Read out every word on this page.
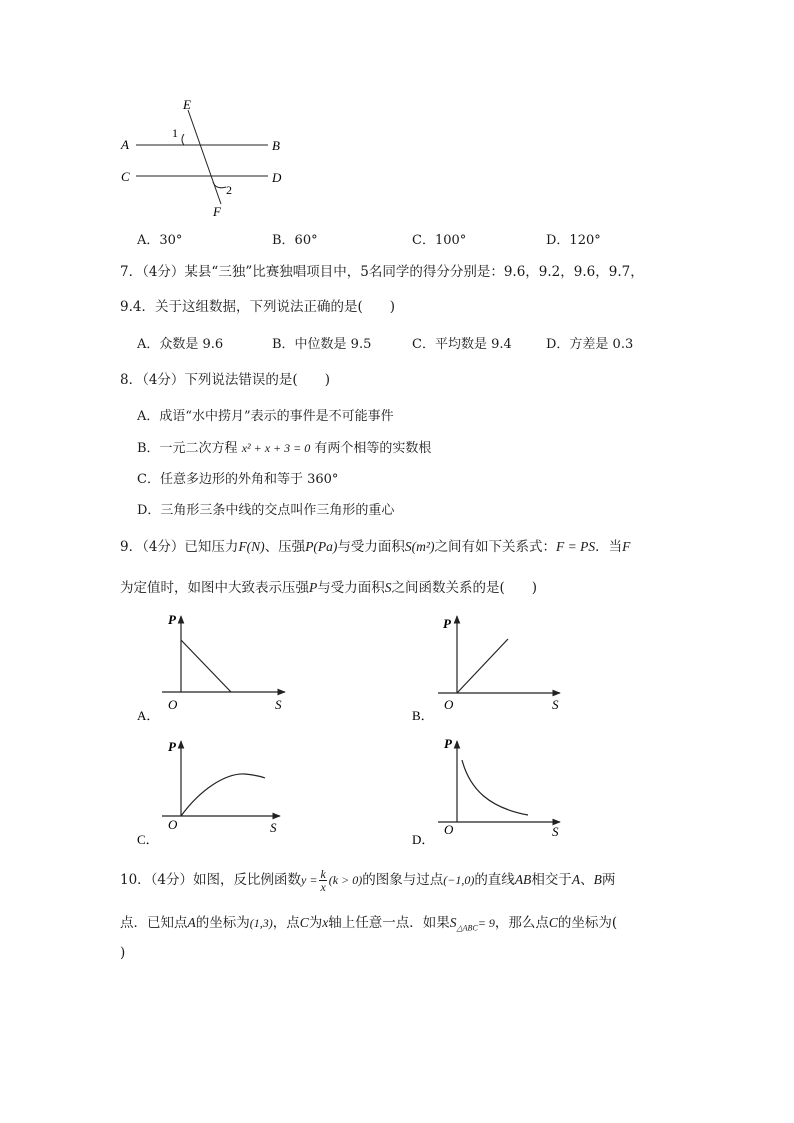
E
A	B
C	D
F
1
2
A．30°	B．60°	C．100°	D．120°
7．（4分）某县“三独”比赛独唱项目中，5名同学的得分分别是：9.6，9.2，9.6，9.7，
9.4．关于这组数据，下列说法正确的是(　　)
A．众数是 9.6	B．中位数是 9.5	C．平均数是 9.4	D．方差是 0.3
8．（4分）下列说法错误的是(　　)
A．成语“水中捞月”表示的事件是不可能事件
B．一元二次方程 x² + x + 3 = 0 有两个相等的实数根
C．任意多边形的外角和等于 360°
D．三角形三条中线的交点叫作三角形的重心
9．（4分）已知压力F(N)、压强P(Pa)与受力面积S(m²)之间有如下关系式：F = PS．当F
为定值时，如图中大致表示压强P与受力面积S之间函数关系的是(　　)
P
O	S
A．
P
O	S
B．
P
O	S
C．
P
O	S
D．
10．（4分）如图，反比例函数$y = \frac{k}{x} (k > 0)$的图象与过点(−1,0)的直线AB相交于A、B两
点．已知点A的坐标为(1,3)，点C为x轴上任意一点．如果$S_{\triangle ABC}= 9$，那么点C的坐标为(
)
